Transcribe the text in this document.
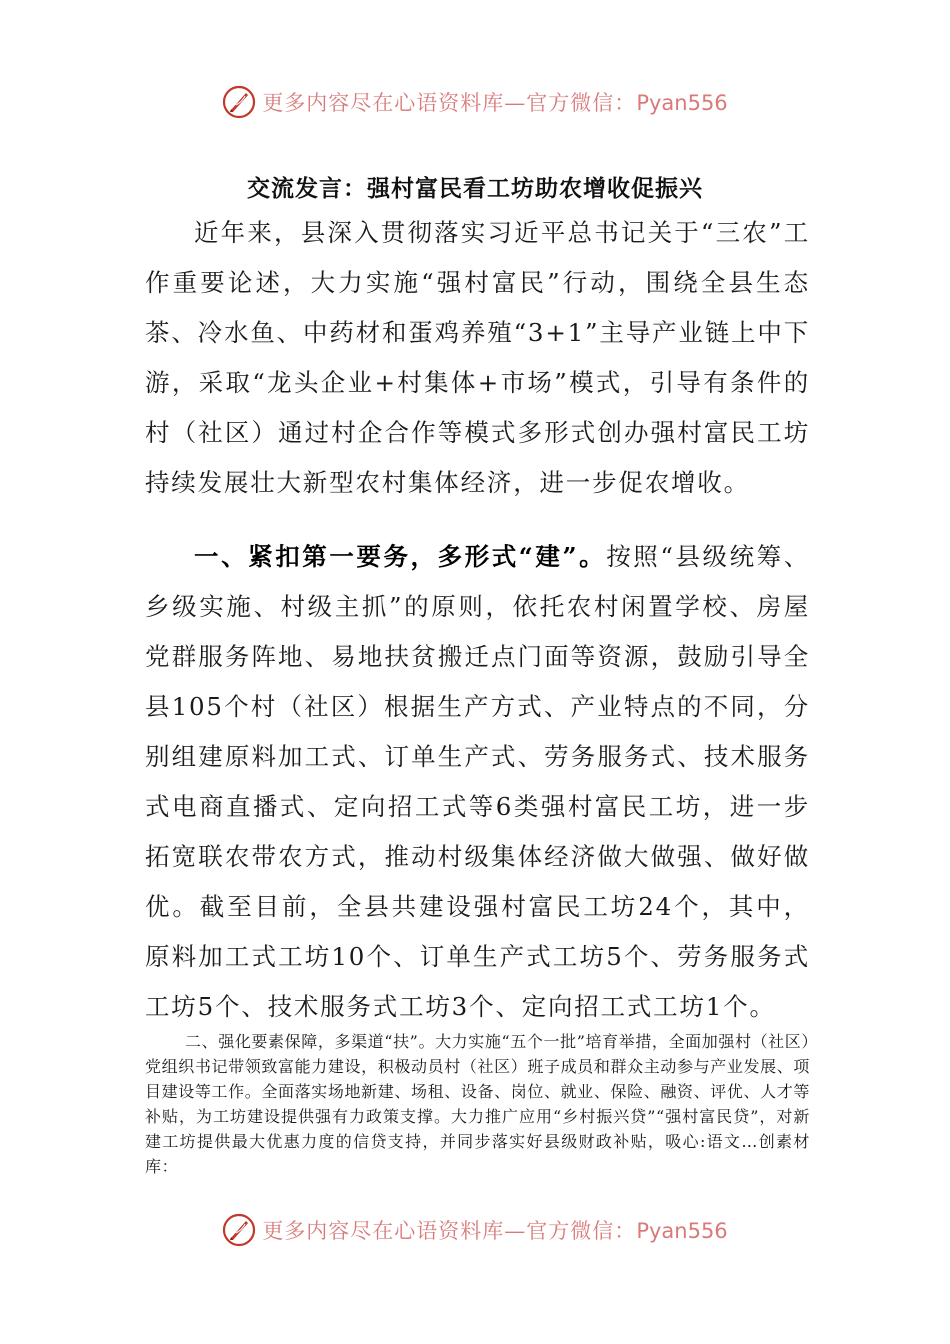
更多内容尽在心语资料库—官方微信：Pyan556
交流发言：强村富民看工坊助农增收促振兴
近年来，县深入贯彻落实习近平总书记关于“三农”工作重要论述，大力实施“强村富民”行动，围绕全县生态茶、冷水鱼、中药材和蛋鸡养殖“3+1”主导产业链上中下游，采取“龙头企业+村集体+市场”模式，引导有条件的村（社区）通过村企合作等模式多形式创办强村富民工坊持续发展壮大新型农村集体经济，进一步促农增收。
一、紧扣第一要务，多形式“建”。按照“县级统筹、乡级实施、村级主抓”的原则，依托农村闲置学校、房屋党群服务阵地、易地扶贫搬迁点门面等资源，鼓励引导全县105个村（社区）根据生产方式、产业特点的不同，分别组建原料加工式、订单生产式、劳务服务式、技术服务式电商直播式、定向招工式等6类强村富民工坊，进一步拓宽联农带农方式，推动村级集体经济做大做强、做好做优。截至目前，全县共建设强村富民工坊24个，其中，原料加工式工坊10个、订单生产式工坊5个、劳务服务式工坊5个、技术服务式工坊3个、定向招工式工坊1个。
二、强化要素保障，多渠道“扶”。大力实施“五个一批”培育举措，全面加强村（社区）党组织书记带领致富能力建设，积极动员村（社区）班子成员和群众主动参与产业发展、项目建设等工作。全面落实场地新建、场租、设备、岗位、就业、保险、融资、评优、人才等补贴，为工坊建设提供强有力政策支撑。大力推广应用“乡村振兴贷”“强村富民贷”，对新建工坊提供最大优惠力度的信贷支持，并同步落实好县级财政补贴，吸心:语文…创素材库：
更多内容尽在心语资料库—官方微信：Pyan556
